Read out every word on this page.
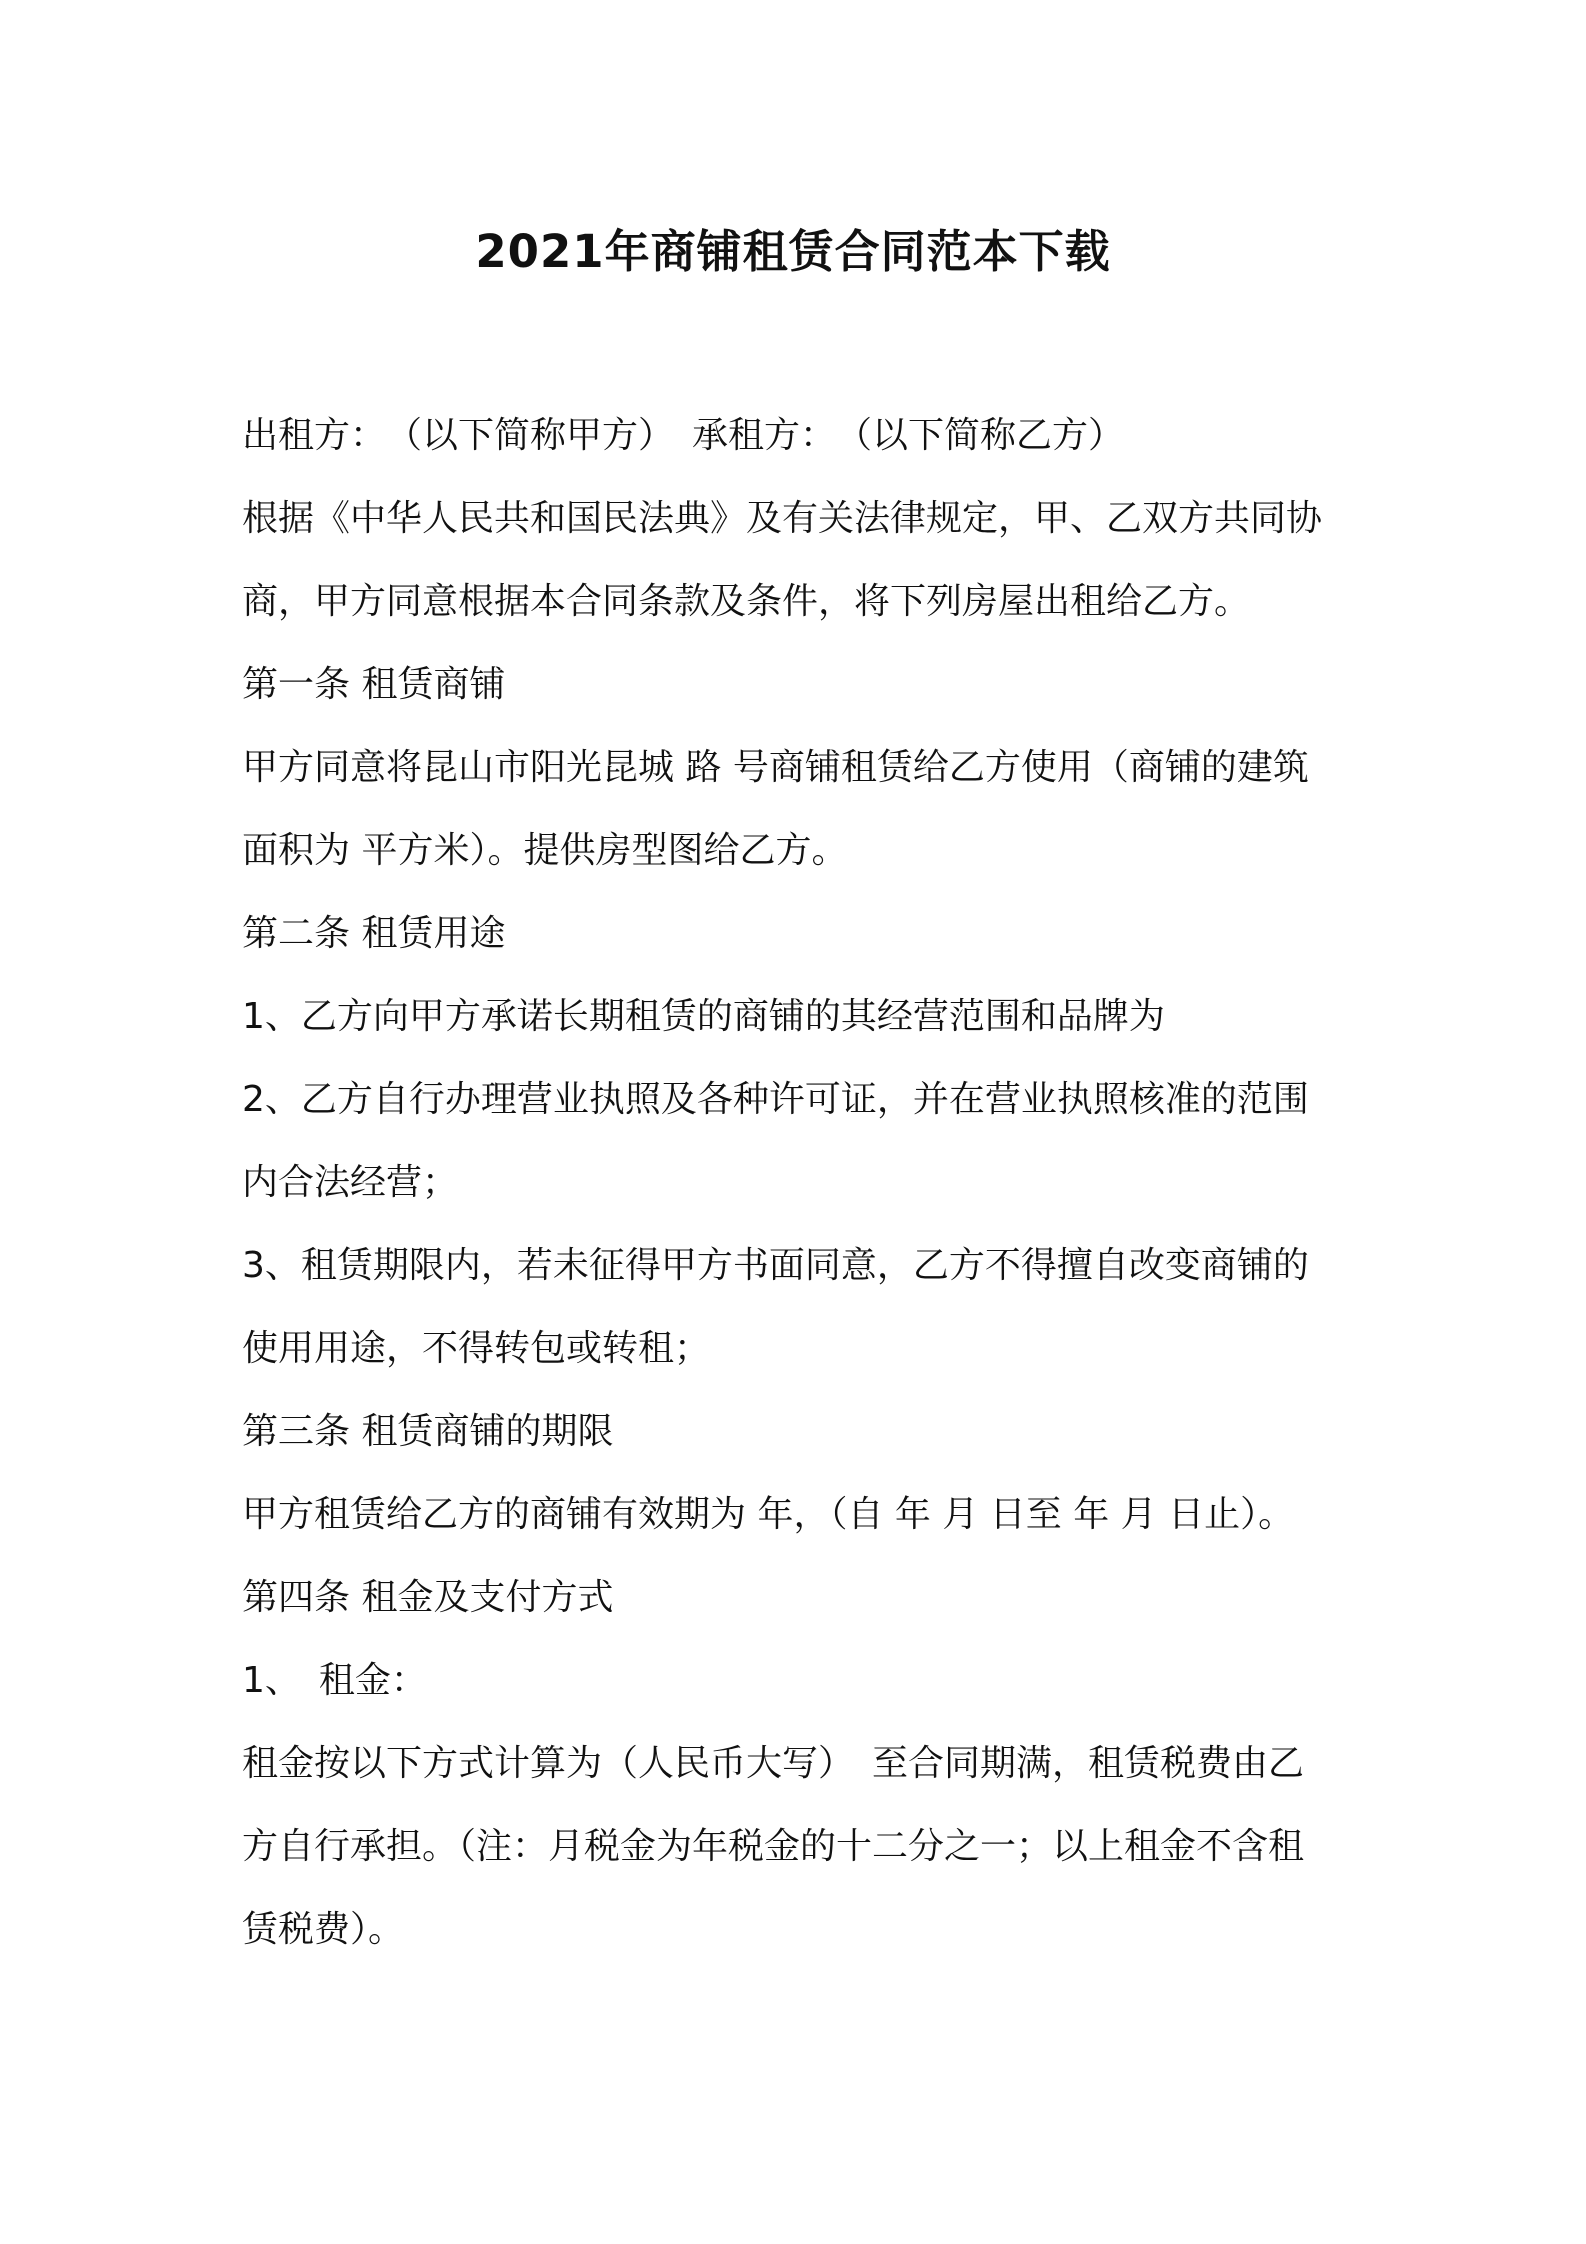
2021年商铺租赁合同范本下载
出租方：　（以下简称甲方）　承租方：　（以下简称乙方）
根据《中华人民共和国民法典》及有关法律规定，甲、乙双方共同协
商，甲方同意根据本合同条款及条件，将下列房屋出租给乙方。
第一条 租赁商铺
甲方同意将昆山市阳光昆城 路 号商铺租赁给乙方使用（商铺的建筑
面积为 平方米）。提供房型图给乙方。
第二条 租赁用途
1、乙方向甲方承诺长期租赁的商铺的其经营范围和品牌为
2、乙方自行办理营业执照及各种许可证，并在营业执照核准的范围
内合法经营；
3、租赁期限内，若未征得甲方书面同意，乙方不得擅自改变商铺的
使用用途，不得转包或转租；
第三条 租赁商铺的期限
甲方租赁给乙方的商铺有效期为 年，（自 年 月 日至 年 月 日止）。
第四条 租金及支付方式
1、　租金：
租金按以下方式计算为（人民币大写）　至合同期满，租赁税费由乙
方自行承担。（注：月税金为年税金的十二分之一；以上租金不含租
赁税费）。
